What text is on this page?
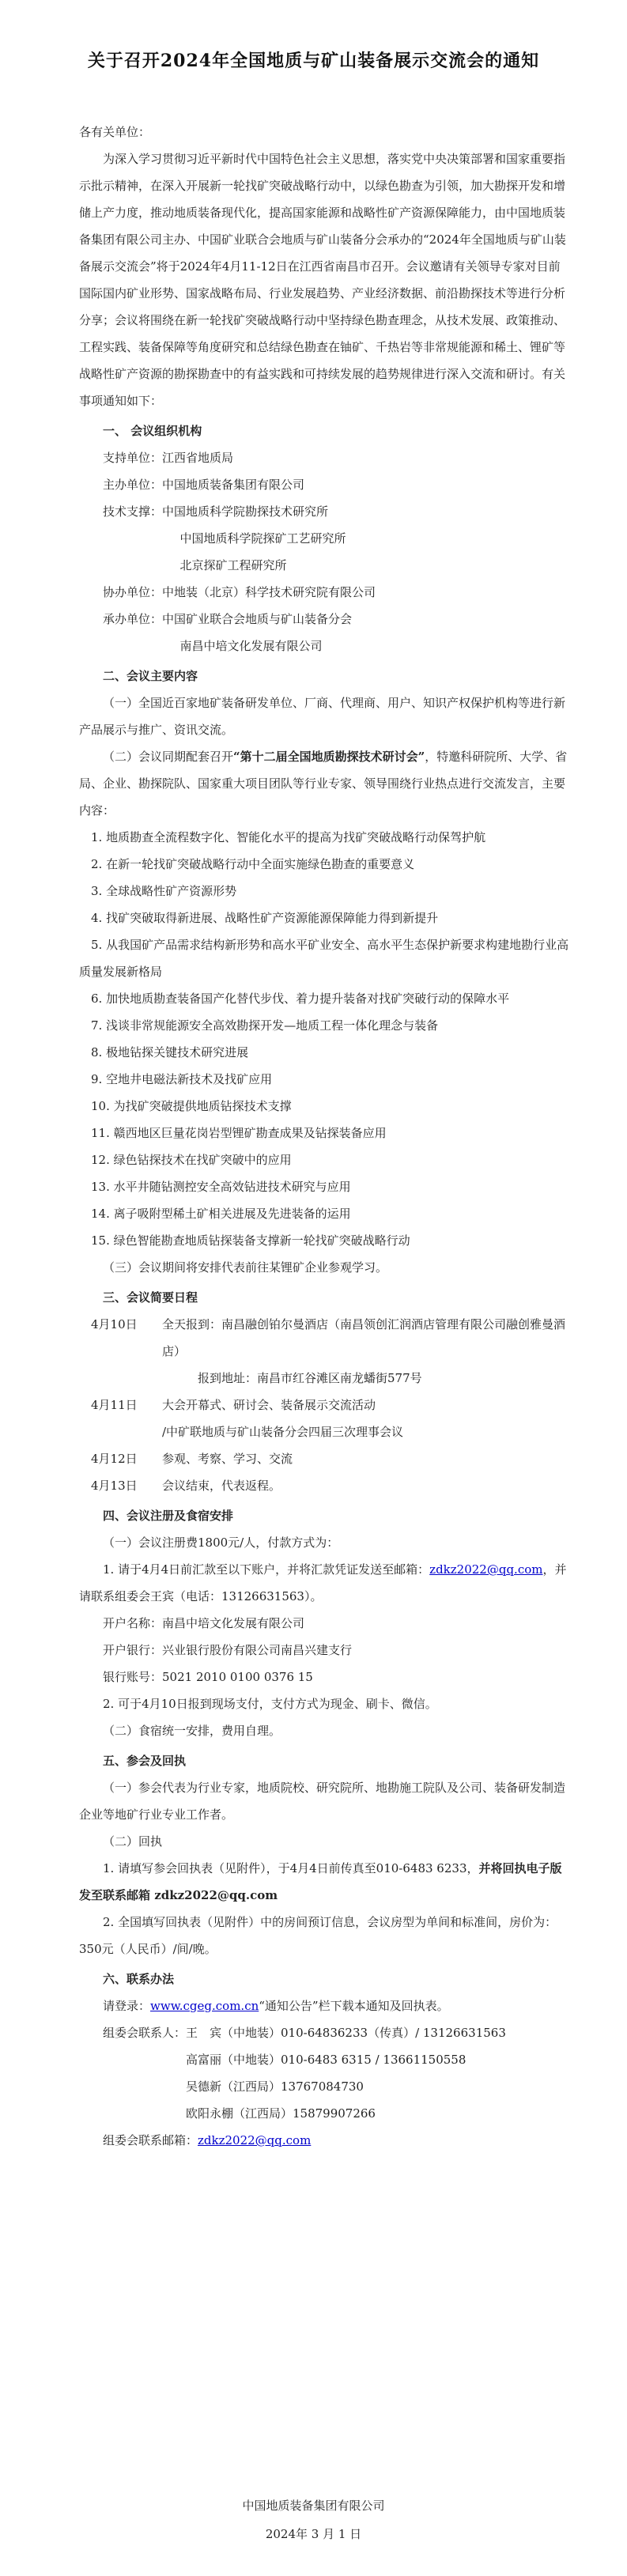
关于召开2024年全国地质与矿山装备展示交流会的通知

各有关单位：

为深入学习贯彻习近平新时代中国特色社会主义思想，落实党中央决策部署和国家重要指示批示精神，在深入开展新一轮找矿突破战略行动中，以绿色勘查为引领，加大勘探开发和增储上产力度，推动地质装备现代化，提高国家能源和战略性矿产资源保障能力，由中国地质装备集团有限公司主办、中国矿业联合会地质与矿山装备分会承办的“2024年全国地质与矿山装备展示交流会”将于2024年4月11-12日在江西省南昌市召开。会议邀请有关领导专家对目前国际国内矿业形势、国家战略布局、行业发展趋势、产业经济数据、前沿勘探技术等进行分析分享；会议将围绕在新一轮找矿突破战略行动中坚持绿色勘查理念，从技术发展、政策推动、工程实践、装备保障等角度研究和总结绿色勘查在铀矿、千热岩等非常规能源和稀土、锂矿等战略性矿产资源的勘探勘查中的有益实践和可持续发展的趋势规律进行深入交流和研讨。有关事项通知如下：

一、 会议组织机构

支持单位： 江西省地质局
主办单位： 中国地质装备集团有限公司
技术支撑： 中国地质科学院勘探技术研究所

中国地质科学院探矿工艺研究所

北京探矿工程研究所

协办单位： 中地装（北京）科学技术研究院有限公司
承办单位： 中国矿业联合会地质与矿山装备分会

南昌中培文化发展有限公司

二、会议主要内容

（一）全国近百家地矿装备研发单位、厂商、代理商、用户、知识产权保护机构等进行新产品展示与推广、资讯交流。

（二）会议同期配套召开“第十二届全国地质勘探技术研讨会”，特邀科研院所、大学、省局、企业、勘探院队、国家重大项目团队等行业专家、领导围绕行业热点进行交流发言，主要内容：

1. 地质勘查全流程数字化、智能化水平的提高为找矿突破战略行动保驾护航

2. 在新一轮找矿突破战略行动中全面实施绿色勘查的重要意义

3. 全球战略性矿产资源形势

4. 找矿突破取得新进展、战略性矿产资源能源保障能力得到新提升

5. 从我国矿产品需求结构新形势和高水平矿业安全、高水平生态保护新要求构建地勘行业高质量发展新格局

6. 加快地质勘查装备国产化替代步伐、着力提升装备对找矿突破行动的保障水平

7. 浅谈非常规能源安全高效勘探开发—地质工程一体化理念与装备

8. 极地钻探关键技术研究进展

9. 空地井电磁法新技术及找矿应用

10. 为找矿突破提供地质钻探技术支撑

11. 赣西地区巨量花岗岩型锂矿勘查成果及钻探装备应用

12. 绿色钻探技术在找矿突破中的应用

13. 水平井随钻测控安全高效钻进技术研究与应用

14. 离子吸附型稀土矿相关进展及先进装备的运用

15. 绿色智能勘查地质钻探装备支撑新一轮找矿突破战略行动

（三）会议期间将安排代表前往某锂矿企业参观学习。

三、会议简要日程

4月10日	全天报到：南昌融创铂尔曼酒店（南昌领创汇润酒店管理有限公司融创雅曼酒店）

报到地址：南昌市红谷滩区南龙蟠街577号

4月11日	大会开幕式、研讨会、装备展示交流活动

/中矿联地质与矿山装备分会四届三次理事会议

4月12日	参观、考察、学习、交流
4月13日	会议结束，代表返程。

四、会议注册及食宿安排

（一）会议注册费1800元/人，付款方式为：

1. 请于4月4日前汇款至以下账户，并将汇款凭证发送至邮箱：zdkz2022@qq.com，并请联系组委会王宾（电话：13126631563）。

开户名称：南昌中培文化发展有限公司

开户银行：兴业银行股份有限公司南昌兴建支行

银行账号：5021 2010 0100 0376 15

2. 可于4月10日报到现场支付，支付方式为现金、刷卡、微信。

（二）食宿统一安排，费用自理。

五、参会及回执

（一）参会代表为行业专家，地质院校、研究院所、地勘施工院队及公司、装备研发制造企业等地矿行业专业工作者。

（二）回执

1. 请填写参会回执表（见附件），于4月4日前传真至010-6483 6233，并将回执电子版发至联系邮箱 zdkz2022@qq.com

2. 全国填写回执表（见附件）中的房间预订信息，会议房型为单间和标准间，房价为：350元（人民币）/间/晚。

六、联系办法

请登录：www.cgeg.com.cn“通知公告”栏下载本通知及回执表。

组委会联系人： 王　宾（中地装）010-64836233（传真）/ 13126631563

高富丽（中地装）010-6483 6315 / 13661150558

吴德新（江西局）13767084730

欧阳永棚（江西局）15879907266

组委会联系邮箱：zdkz2022@qq.com

中国地质装备集团有限公司
2024年 3 月 1 日
